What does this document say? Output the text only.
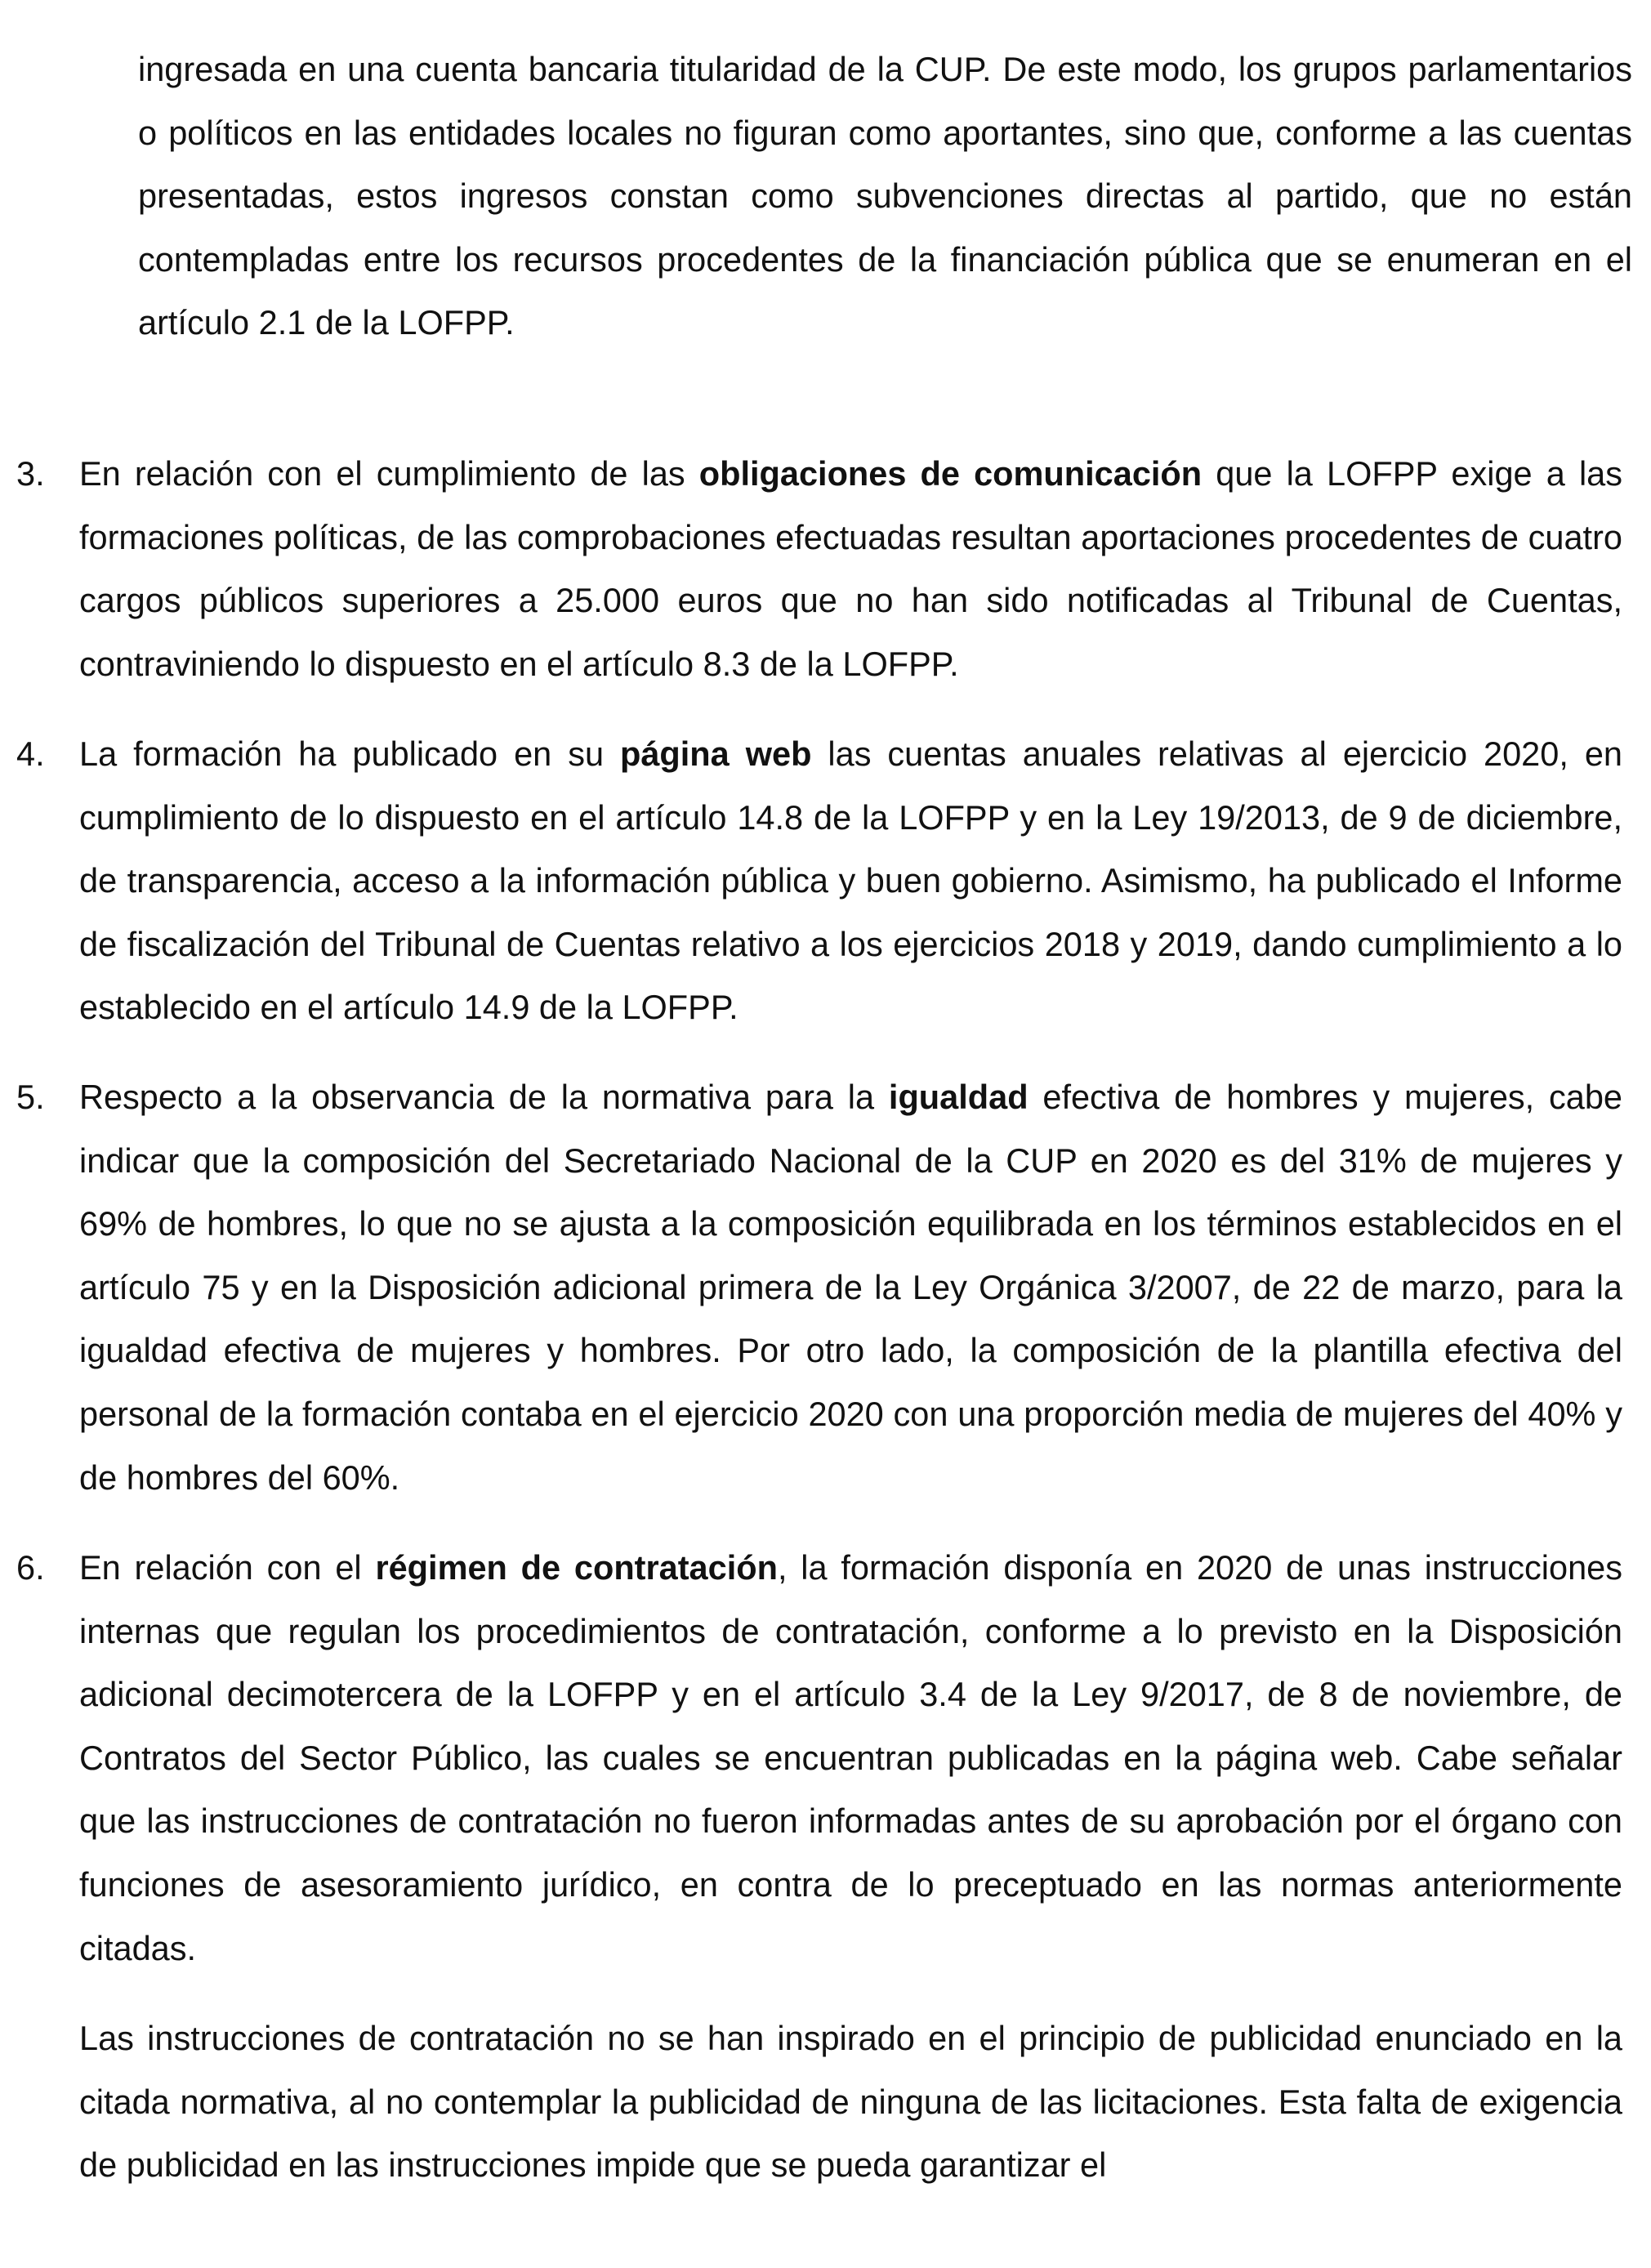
ingresada en una cuenta bancaria titularidad de la CUP. De este modo, los grupos parlamentarios o políticos en las entidades locales no figuran como aportantes, sino que, conforme a las cuentas presentadas, estos ingresos constan como subvenciones directas al partido, que no están contempladas entre los recursos procedentes de la financiación pública que se enumeran en el artículo 2.1 de la LOFPP.

3. En relación con el cumplimiento de las obligaciones de comunicación que la LOFPP exige a las formaciones políticas, de las comprobaciones efectuadas resultan aportaciones procedentes de cuatro cargos públicos superiores a 25.000 euros que no han sido notificadas al Tribunal de Cuentas, contraviniendo lo dispuesto en el artículo 8.3 de la LOFPP.

4. La formación ha publicado en su página web las cuentas anuales relativas al ejercicio 2020, en cumplimiento de lo dispuesto en el artículo 14.8 de la LOFPP y en la Ley 19/2013, de 9 de diciembre, de transparencia, acceso a la información pública y buen gobierno. Asimismo, ha publicado el Informe de fiscalización del Tribunal de Cuentas relativo a los ejercicios 2018 y 2019, dando cumplimiento a lo establecido en el artículo 14.9 de la LOFPP.

5. Respecto a la observancia de la normativa para la igualdad efectiva de hombres y mujeres, cabe indicar que la composición del Secretariado Nacional de la CUP en 2020 es del 31% de mujeres y 69% de hombres, lo que no se ajusta a la composición equilibrada en los términos establecidos en el artículo 75 y en la Disposición adicional primera de la Ley Orgánica 3/2007, de 22 de marzo, para la igualdad efectiva de mujeres y hombres. Por otro lado, la composición de la plantilla efectiva del personal de la formación contaba en el ejercicio 2020 con una proporción media de mujeres del 40% y de hombres del 60%.

6. En relación con el régimen de contratación, la formación disponía en 2020 de unas instrucciones internas que regulan los procedimientos de contratación, conforme a lo previsto en la Disposición adicional decimotercera de la LOFPP y en el artículo 3.4 de la Ley 9/2017, de 8 de noviembre, de Contratos del Sector Público, las cuales se encuentran publicadas en la página web. Cabe señalar que las instrucciones de contratación no fueron informadas antes de su aprobación por el órgano con funciones de asesoramiento jurídico, en contra de lo preceptuado en las normas anteriormente citadas.

Las instrucciones de contratación no se han inspirado en el principio de publicidad enunciado en la citada normativa, al no contemplar la publicidad de ninguna de las licitaciones. Esta falta de exigencia de publicidad en las instrucciones impide que se pueda garantizar el
